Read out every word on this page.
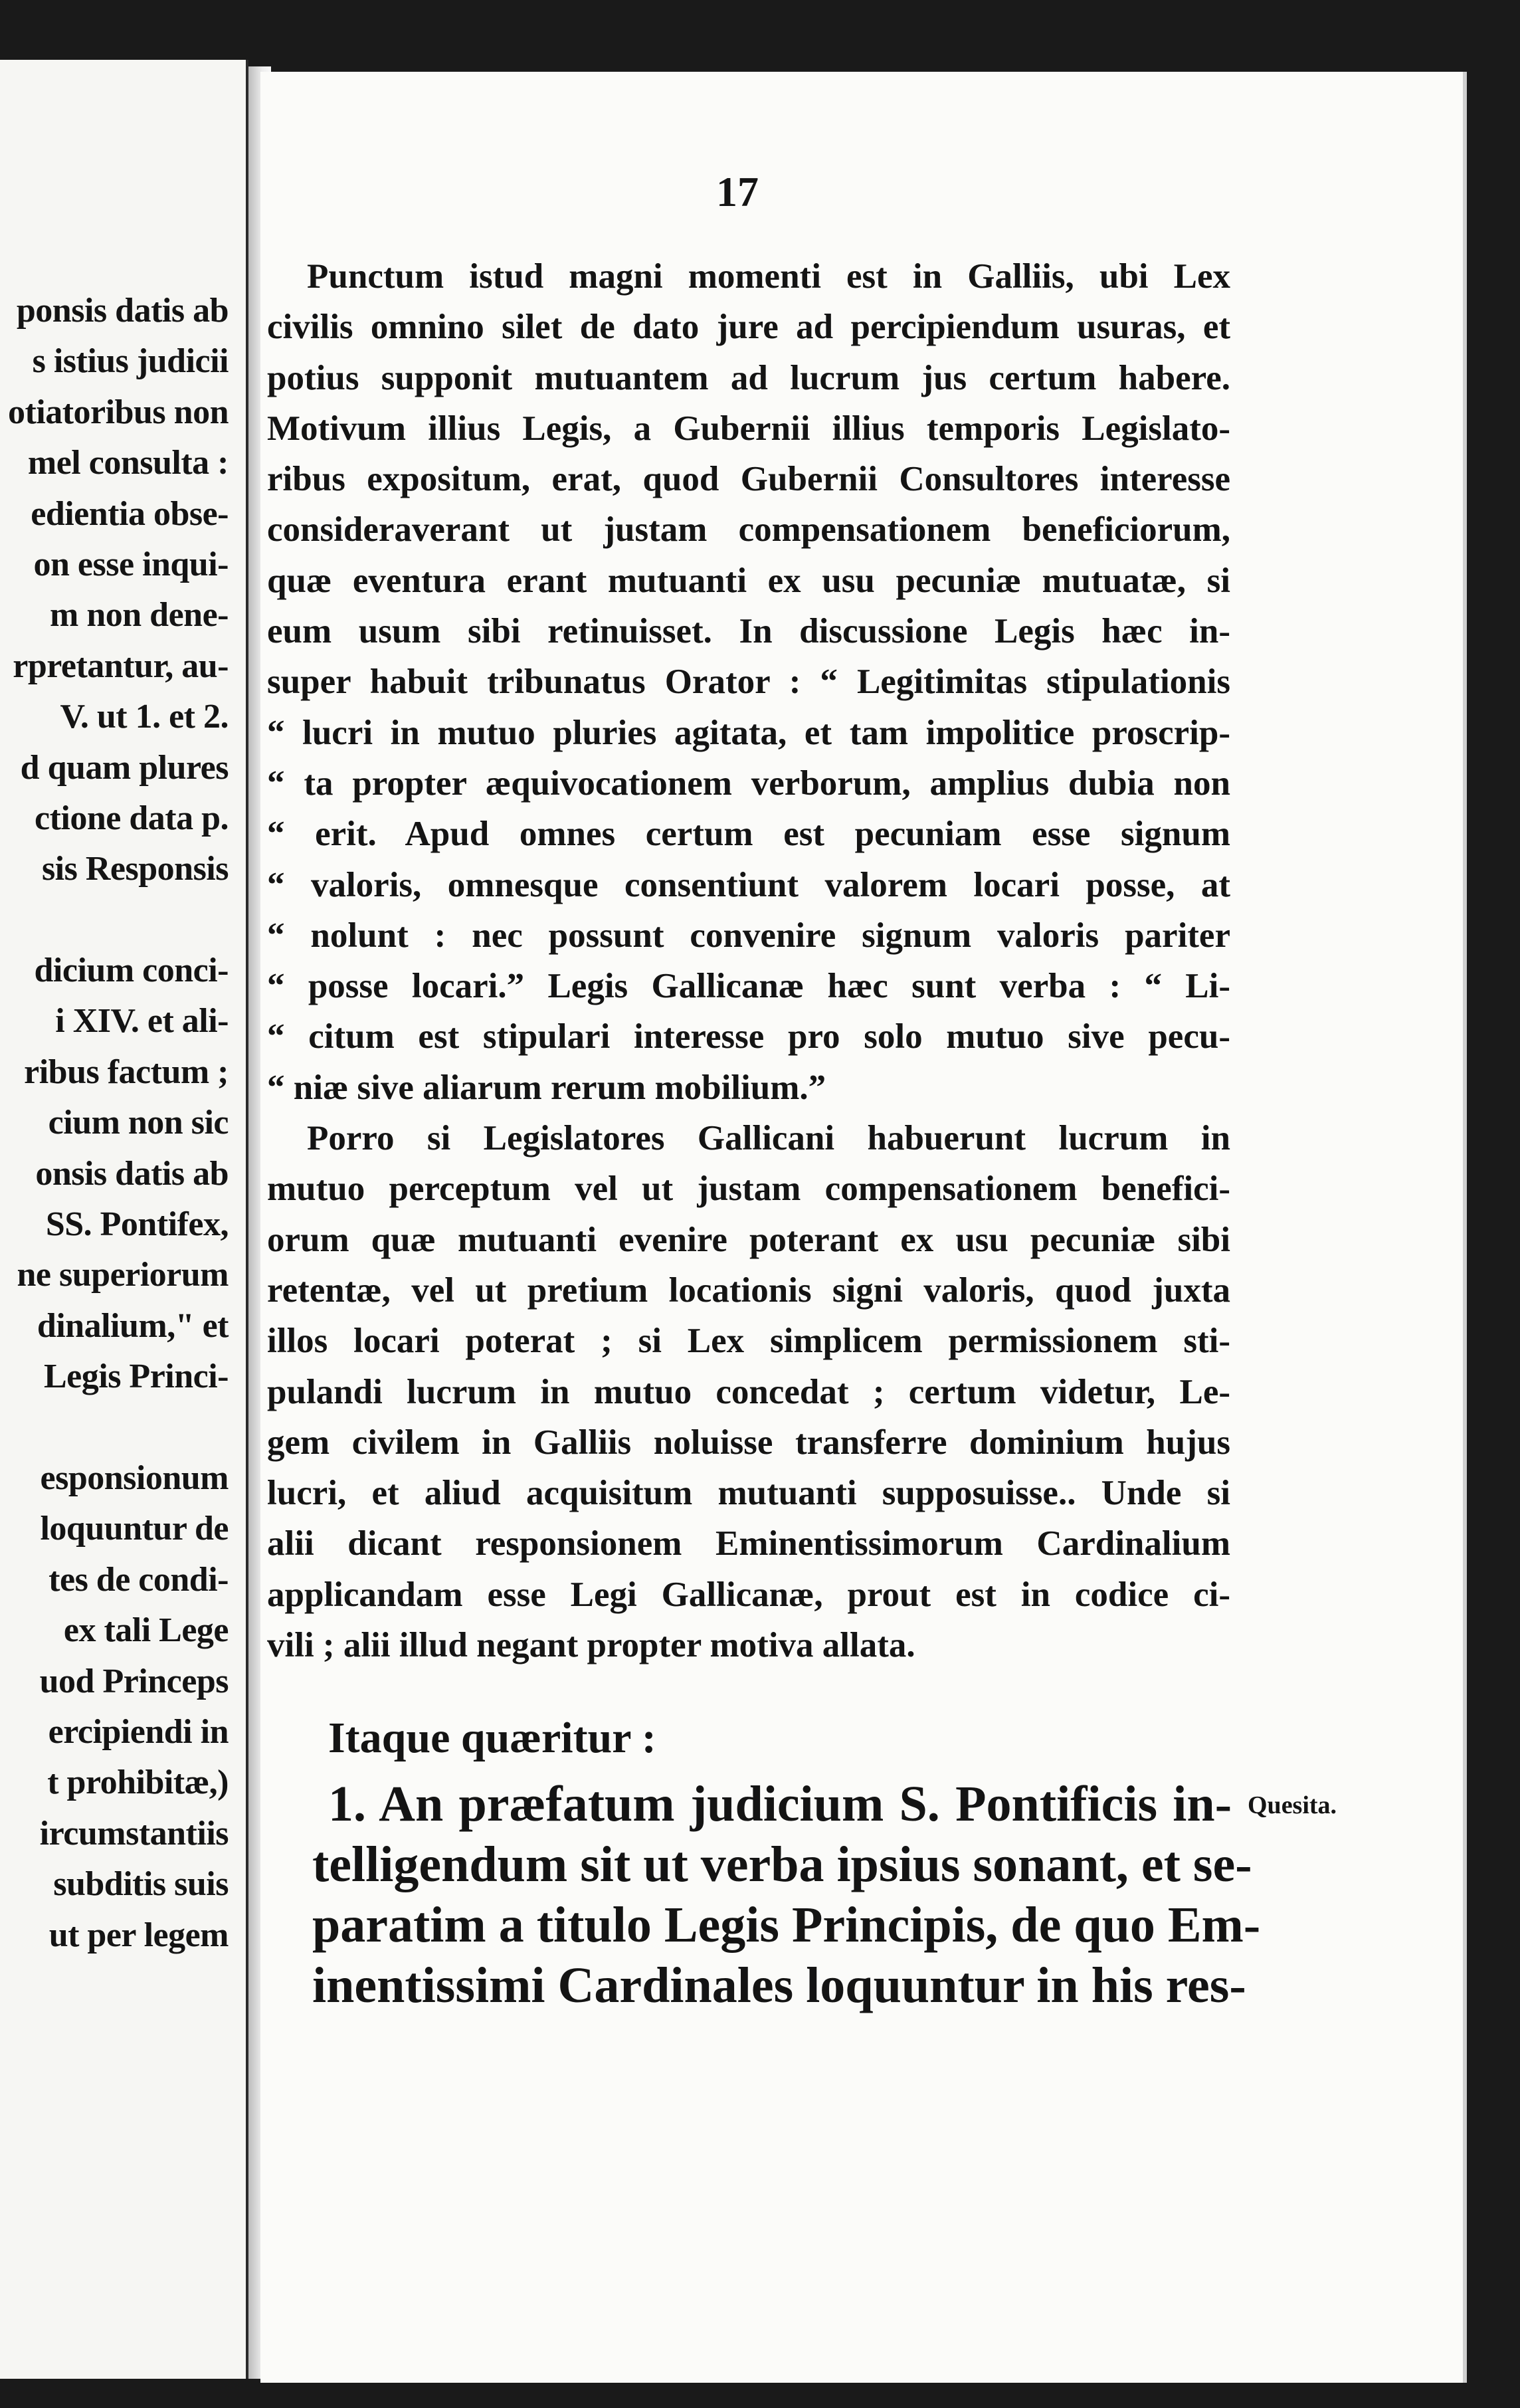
ponsis datis ab
s istius judicii
otiatoribus non
mel consulta :
edientia obse-
on esse inqui-
m non dene-
rpretantur, au-
V. ut 1. et 2.
d quam plures
ctione data p.
sis Responsis
dicium conci-
i XIV. et ali-
ribus factum ;
cium non sic
onsis datis ab
SS. Pontifex,
ne superiorum
dinalium," et
Legis Princi-
esponsionum
loquuntur de
tes de condi-
ex tali Lege
uod Princeps
ercipiendi in
t prohibitæ,)
ircumstantiis
subditis suis
ut per legem
17
Punctum istud magni momenti est in Galliis, ubi Lex
civilis omnino silet de dato jure ad percipiendum usuras, et
potius supponit mutuantem ad lucrum jus certum habere.
Motivum illius Legis, a Gubernii illius temporis Legislato-
ribus expositum, erat, quod Gubernii Consultores interesse
consideraverant ut justam compensationem beneficiorum,
quæ eventura erant mutuanti ex usu pecuniæ mutuatæ, si
eum usum sibi retinuisset. In discussione Legis hæc in-
super habuit tribunatus Orator : “ Legitimitas stipulationis
“ lucri in mutuo pluries agitata, et tam impolitice proscrip-
“ ta propter æquivocationem verborum, amplius dubia non
“ erit. Apud omnes certum est pecuniam esse signum
“ valoris, omnesque consentiunt valorem locari posse, at
“ nolunt : nec possunt convenire signum valoris pariter
“ posse locari.” Legis Gallicanæ hæc sunt verba : “ Li-
“ citum est stipulari interesse pro solo mutuo sive pecu-
“ niæ sive aliarum rerum mobilium.”
Porro si Legislatores Gallicani habuerunt lucrum in
mutuo perceptum vel ut justam compensationem benefici-
orum quæ mutuanti evenire poterant ex usu pecuniæ sibi
retentæ, vel ut pretium locationis signi valoris, quod juxta
illos locari poterat ; si Lex simplicem permissionem sti-
pulandi lucrum in mutuo concedat ; certum videtur, Le-
gem civilem in Galliis noluisse transferre dominium hujus
lucri, et aliud acquisitum mutuanti supposuisse.. Unde si
alii dicant responsionem Eminentissimorum Cardinalium
applicandam esse Legi Gallicanæ, prout est in codice ci-
vili ; alii illud negant propter motiva allata.
Itaque quæritur :
1. An præfatum judicium S. Pontificis in-
telligendum sit ut verba ipsius sonant, et se-
paratim a titulo Legis Principis, de quo Em-
inentissimi Cardinales loquuntur in his res-
Quesita.
